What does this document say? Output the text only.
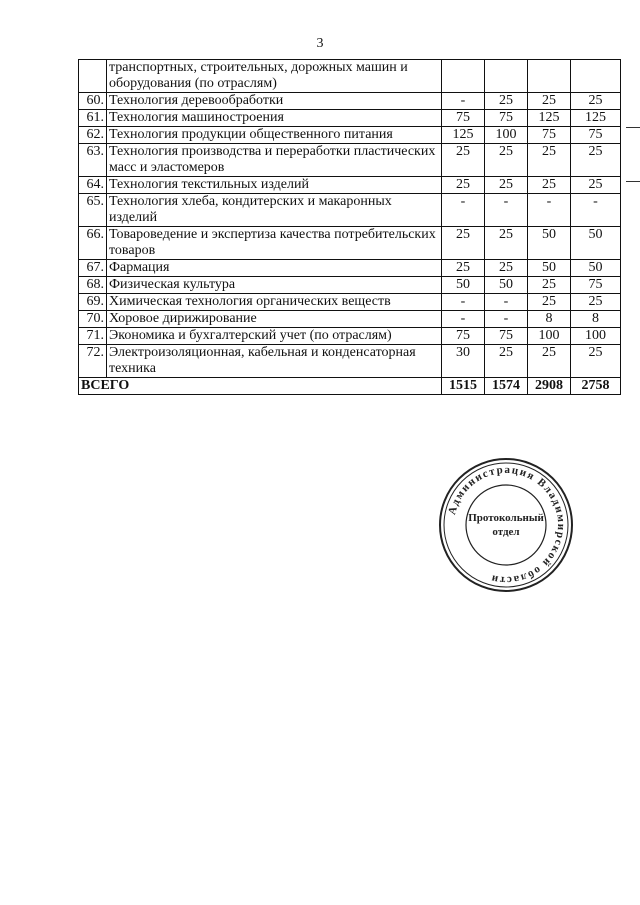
3
	транспортных, строительных, дорожных машин и оборудования (по отраслям)				
60.	Технология деревообработки	-	25	25	25
61.	Технология машиностроения	75	75	125	125
62.	Технология продукции общественного питания	125	100	75	75
63.	Технология производства и переработки пластических масс и эластомеров	25	25	25	25
64.	Технология текстильных изделий	25	25	25	25
65.	Технология хлеба, кондитерских и макаронных изделий	-	-	-	-
66.	Товароведение и экспертиза качества потребительских товаров	25	25	50	50
67.	Фармация	25	25	50	50
68.	Физическая культура	50	50	25	75
69.	Химическая технология органических веществ	-	-	25	25
70.	Хоровое дирижирование	-	-	8	8
71.	Экономика и бухгалтерский учет (по отраслям)	75	75	100	100
72.	Электроизоляционная, кабельная и конденсаторная техника	30	25	25	25
ВСЕГО		1515	1574	2908	2758
Администрация Владимирской области
Протокольный
отдел
